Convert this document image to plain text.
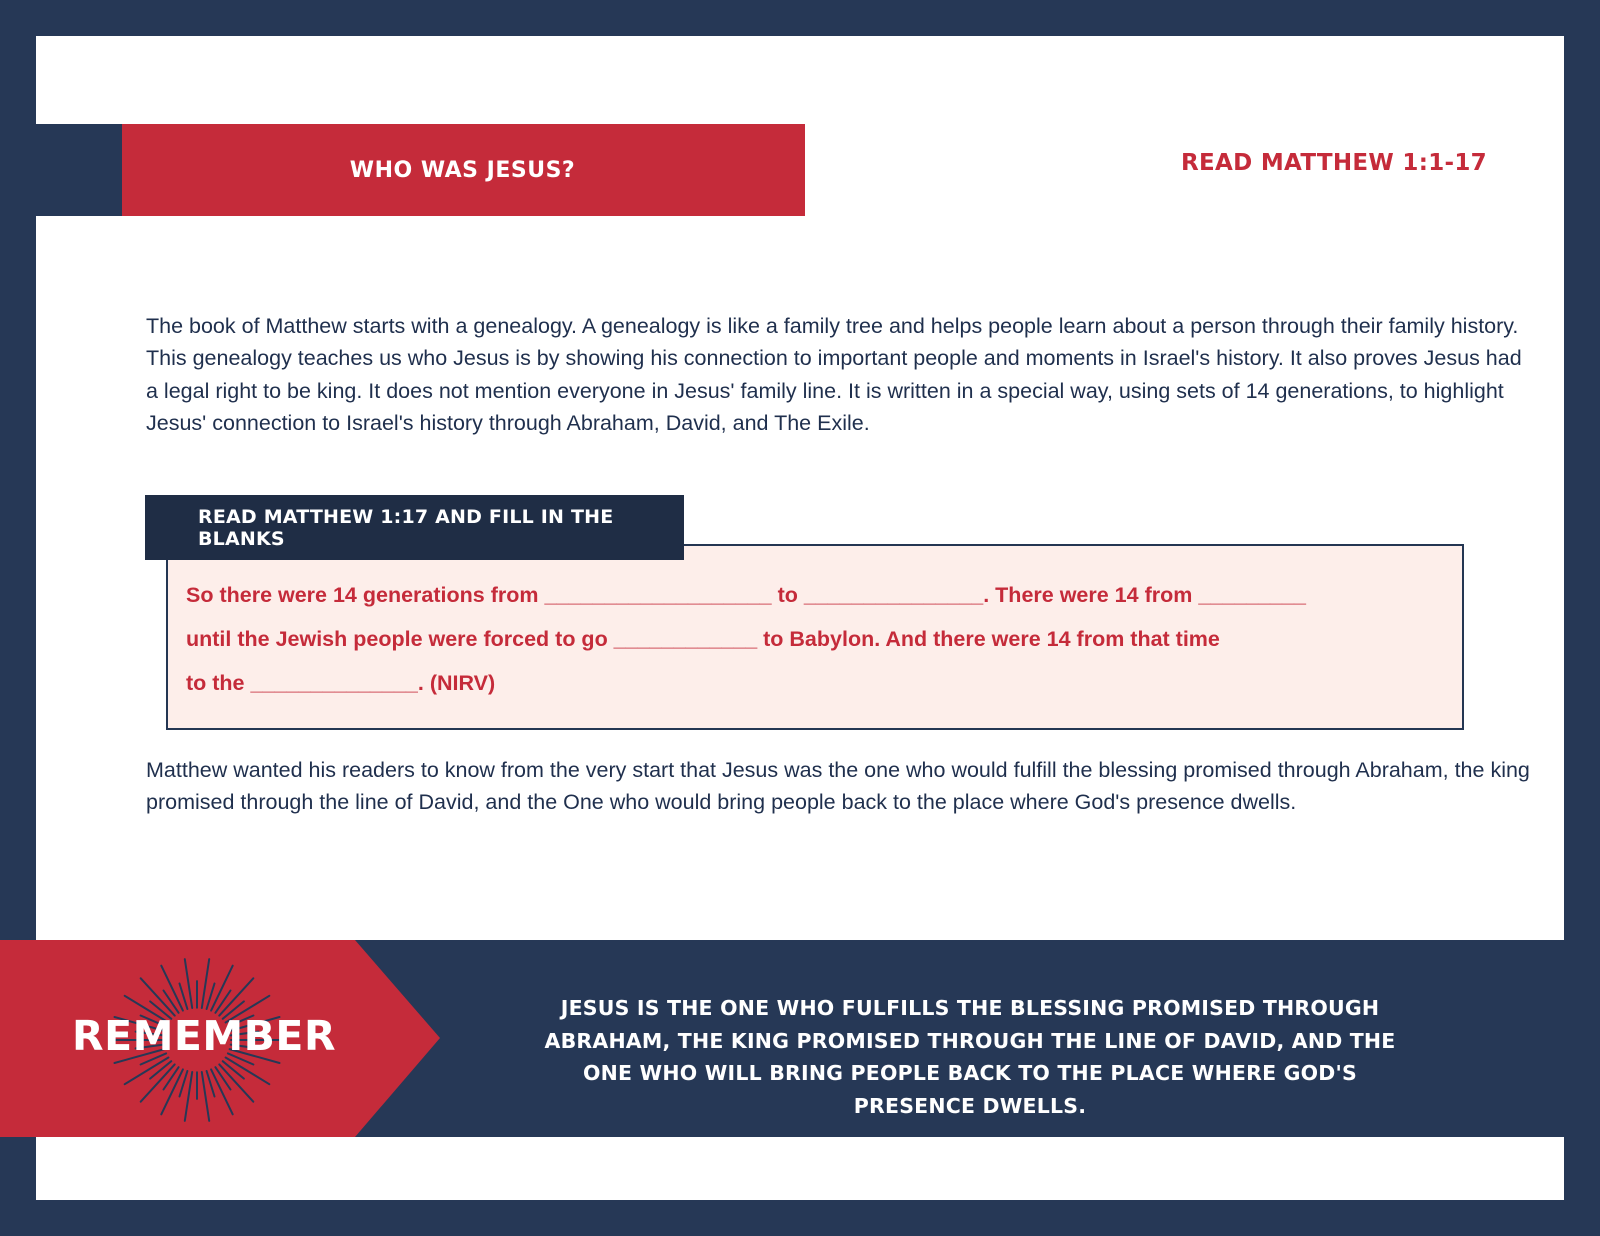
WHO WAS JESUS?	READ MATTHEW 1:1-17

The book of Matthew starts with a genealogy. A genealogy is like a family tree and helps people learn about a person through their family history. This genealogy teaches us who Jesus is by showing his connection to important people and moments in Israel's history. It also proves Jesus had a legal right to be king. It does not mention everyone in Jesus' family line. It is written in a special way, using sets of 14 generations, to highlight Jesus' connection to Israel's history through Abraham, David, and The Exile.

So there were 14 generations from ___________________ to _______________. There were 14 from _________

until the Jewish people were forced to go ____________ to Babylon. And there were 14 from that time

to the ______________. (NIRV)

READ MATTHEW 1:17 AND FILL IN THE BLANKS

Matthew wanted his readers to know from the very start that Jesus was the one who would fulfill the blessing promised through Abraham, the king promised through the line of David, and the One who would bring people back to the place where God's presence dwells.

REMEMBER

JESUS IS THE ONE WHO FULFILLS THE BLESSING PROMISED THROUGH ABRAHAM, THE KING PROMISED THROUGH THE LINE OF DAVID, AND THE ONE WHO WILL BRING PEOPLE BACK TO THE PLACE WHERE GOD'S PRESENCE DWELLS.
